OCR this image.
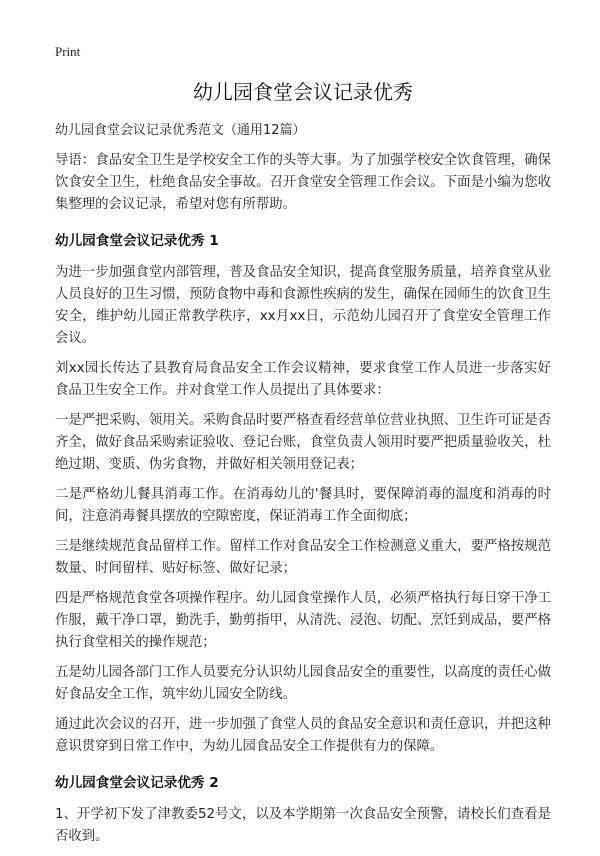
Print
幼儿园食堂会议记录优秀
幼儿园食堂会议记录优秀范文（通用12篇）

导语：食品安全卫生是学校安全工作的头等大事。为了加强学校安全饮食管理，确保饮食安全卫生，杜绝食品安全事故。召开食堂安全管理工作会议。下面是小编为您收集整理的会议记录，希望对您有所帮助。

幼儿园食堂会议记录优秀 1

为进一步加强食堂内部管理，普及食品安全知识，提高食堂服务质量，培养食堂从业人员良好的卫生习惯，预防食物中毒和食源性疾病的发生，确保在园师生的饮食卫生安全，维护幼儿园正常教学秩序，xx月xx日，示范幼儿园召开了食堂安全管理工作会议。

刘xx园长传达了县教育局食品安全工作会议精神，要求食堂工作人员进一步落实好食品卫生安全工作。并对食堂工作人员提出了具体要求：

一是严把采购、领用关。采购食品时要严格查看经营单位营业执照、卫生许可证是否齐全，做好食品采购索证验收、登记台账，食堂负责人领用时要严把质量验收关，杜绝过期、变质、伪劣食物，并做好相关领用登记表；

二是严格幼儿餐具消毒工作。在消毒幼儿的'餐具时，要保障消毒的温度和消毒的时间，注意消毒餐具摆放的空隙密度，保证消毒工作全面彻底；

三是继续规范食品留样工作。留样工作对食品安全工作检测意义重大，要严格按规范数量、时间留样、贴好标签、做好记录；

四是严格规范食堂各项操作程序。幼儿园食堂操作人员，必须严格执行每日穿干净工作服，戴干净口罩，勤洗手，勤剪指甲，从清洗、浸泡、切配、烹饪到成品，要严格执行食堂相关的操作规范；

五是幼儿园各部门工作人员要充分认识幼儿园食品安全的重要性，以高度的责任心做好食品安全工作，筑牢幼儿园安全防线。

通过此次会议的召开，进一步加强了食堂人员的食品安全意识和责任意识，并把这种意识贯穿到日常工作中，为幼儿园食品安全工作提供有力的保障。

幼儿园食堂会议记录优秀 2

1、开学初下发了津教委52号文，以及本学期第一次食品安全预警，请校长们查看是否收到。
